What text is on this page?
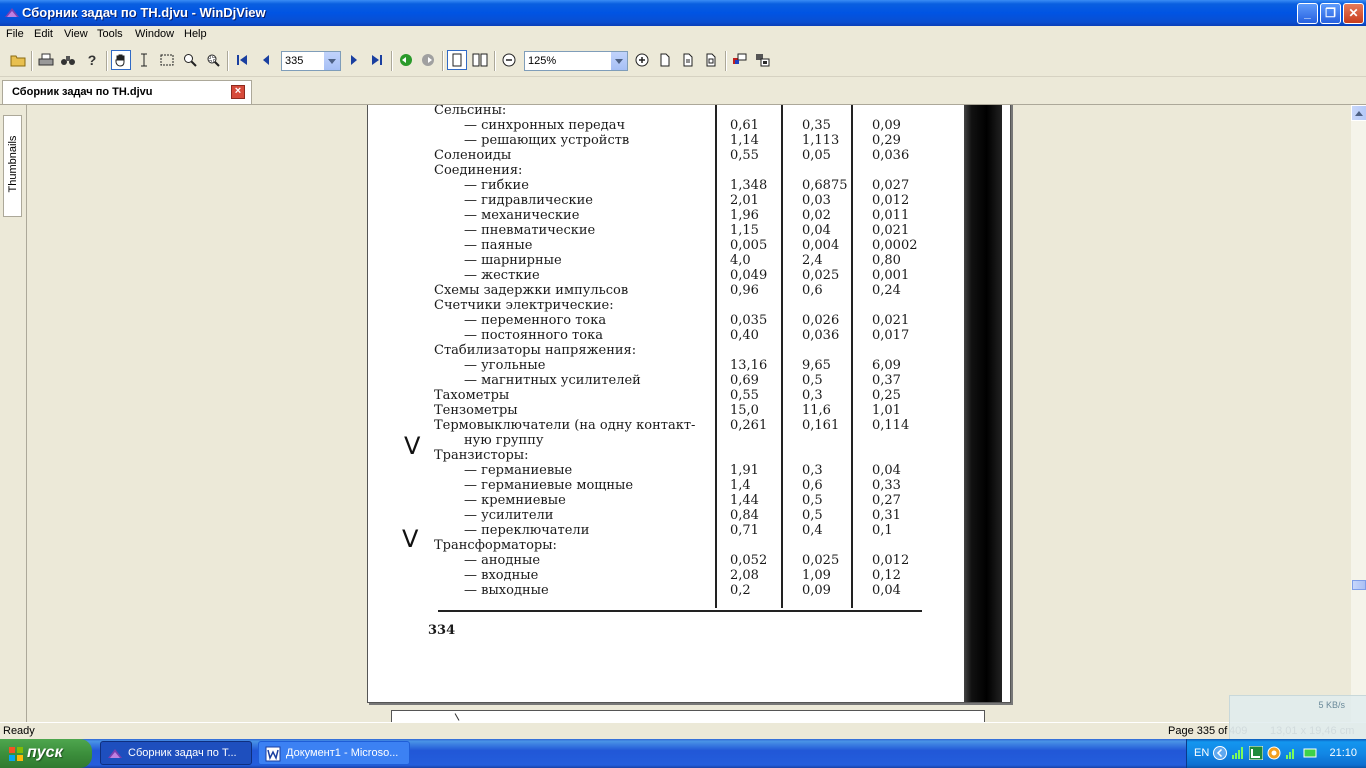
Сборник задач по ТН.djvu - WinDjView	_	❐	✕
File Edit View Tools Window Help
?	335	125%
Сборник задач по ТН.djvu	×
Thumbnails
Сельсины:
— синхронных передач	0,61	0,35	0,09
— решающих устройств	1,14	1,113	0,29
Соленоиды	0,55	0,05	0,036
Соединения:
— гибкие	1,348	0,6875 0,027
— гидравлические	2,01	0,03	0,012
— механические	1,96	0,02	0,011
— пневматические	1,15	0,04	0,021
— паяные	0,005	0,004	0,0002
— шарнирные	4,0	2,4	0,80
— жесткие	0,049	0,025	0,001
Схемы задержки импульсов	0,96	0,6	0,24
Счетчики электрические:
— переменного тока	0,035	0,026	0,021
— постоянного тока	0,40	0,036	0,017
Стабилизаторы напряжения:
— угольные	13,16	9,65	6,09
— магнитных усилителей	0,69	0,5	0,37
Тахометры	0,55	0,3	0,25
Тензометры	15,0	11,6	1,01
Термовыключатели (на одну контакт-	0,261	0,161	0,114
ную группу
Транзисторы:
— германиевые	1,91	0,3	0,04
— германиевые мощные	1,4	0,6	0,33
— кремниевые	1,44	0,5	0,27
— усилители	0,84	0,5	0,31
— переключатели	0,71	0,4	0,1
Трансформаторы:
— анодные	0,052	0,025	0,012
— входные	2,08	1,09	0,12
— выходные	0,2	0,09	0,04
334
V
V
Ready	Page 335 of
5 KB/s
пуск	Сборник задач по Т...	Документ1 - Microso...	EN	21:10
